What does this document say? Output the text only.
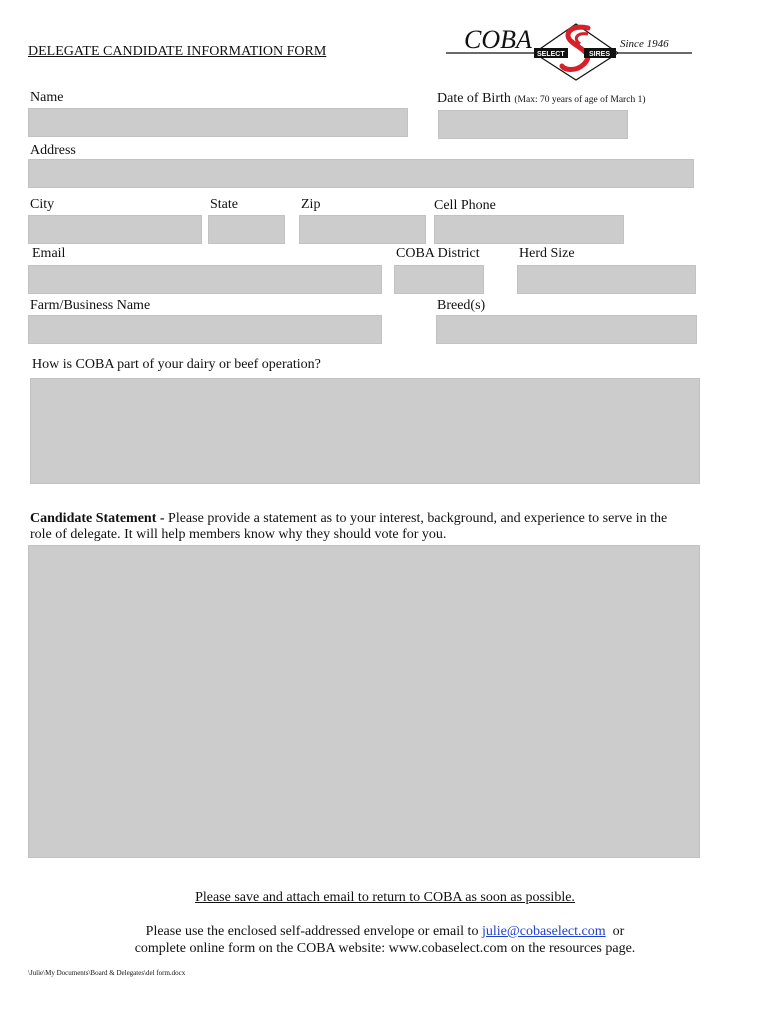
DELEGATE CANDIDATE INFORMATION FORM	COBA
SELECT	SIRES
Since 1946
Name	Date of Birth (Max: 70 years of age of March 1)
Address
City	State	Zip	Cell Phone
Email	COBA District	Herd Size
Farm/Business Name	Breed(s)
How is COBA part of your dairy or beef operation?
Candidate Statement - Please provide a statement as to your interest, background, and experience to serve in the role of delegate. It will help members know why they should vote for you.
Please save and attach email to return to COBA as soon as possible.
Please use the enclosed self-addressed envelope or email to julie@cobaselect.com  or
complete online form on the COBA website: www.cobaselect.com on the resources page.
\Julie\My Documents\Board & Delegates\del form.docx
